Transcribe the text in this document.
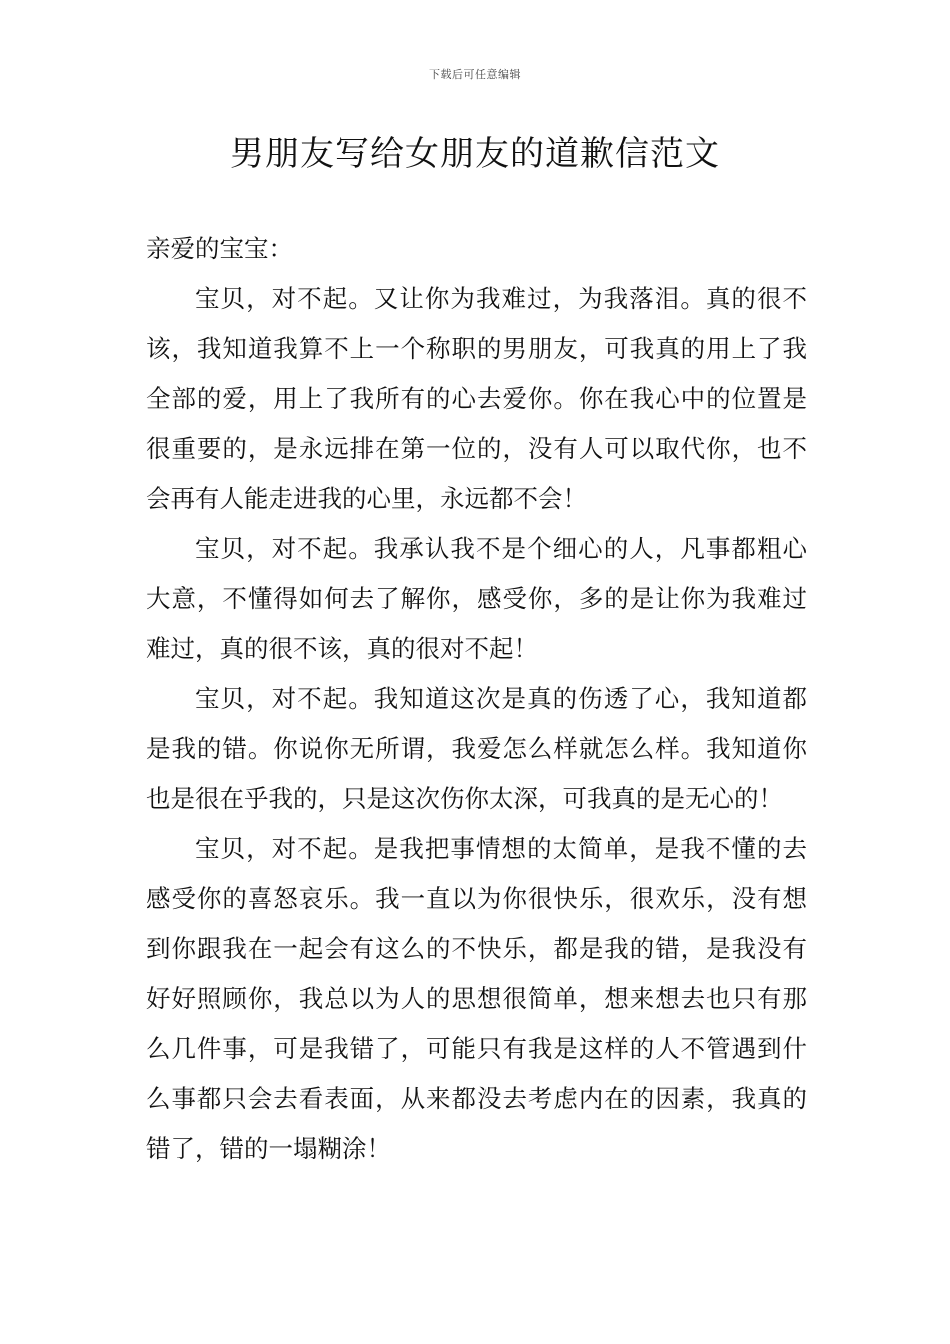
下载后可任意编辑
男朋友写给女朋友的道歉信范文

亲爱的宝宝：

宝贝，对不起。又让你为我难过，为我落泪。真的很不该，我知道我算不上一个称职的男朋友，可我真的用上了我全部的爱，用上了我所有的心去爱你。你在我心中的位置是很重要的，是永远排在第一位的，没有人可以取代你，也不会再有人能走进我的心里，永远都不会！

宝贝，对不起。我承认我不是个细心的人，凡事都粗心大意，不懂得如何去了解你，感受你，多的是让你为我难过难过，真的很不该，真的很对不起！

宝贝，对不起。我知道这次是真的伤透了心，我知道都是我的错。你说你无所谓，我爱怎么样就怎么样。我知道你也是很在乎我的，只是这次伤你太深，可我真的是无心的！

宝贝，对不起。是我把事情想的太简单，是我不懂的去感受你的喜怒哀乐。我一直以为你很快乐，很欢乐，没有想到你跟我在一起会有这么的不快乐，都是我的错，是我没有好好照顾你，我总以为人的思想很简单，想来想去也只有那么几件事，可是我错了，可能只有我是这样的人不管遇到什么事都只会去看表面，从来都没去考虑内在的因素，我真的错了，错的一塌糊涂！
